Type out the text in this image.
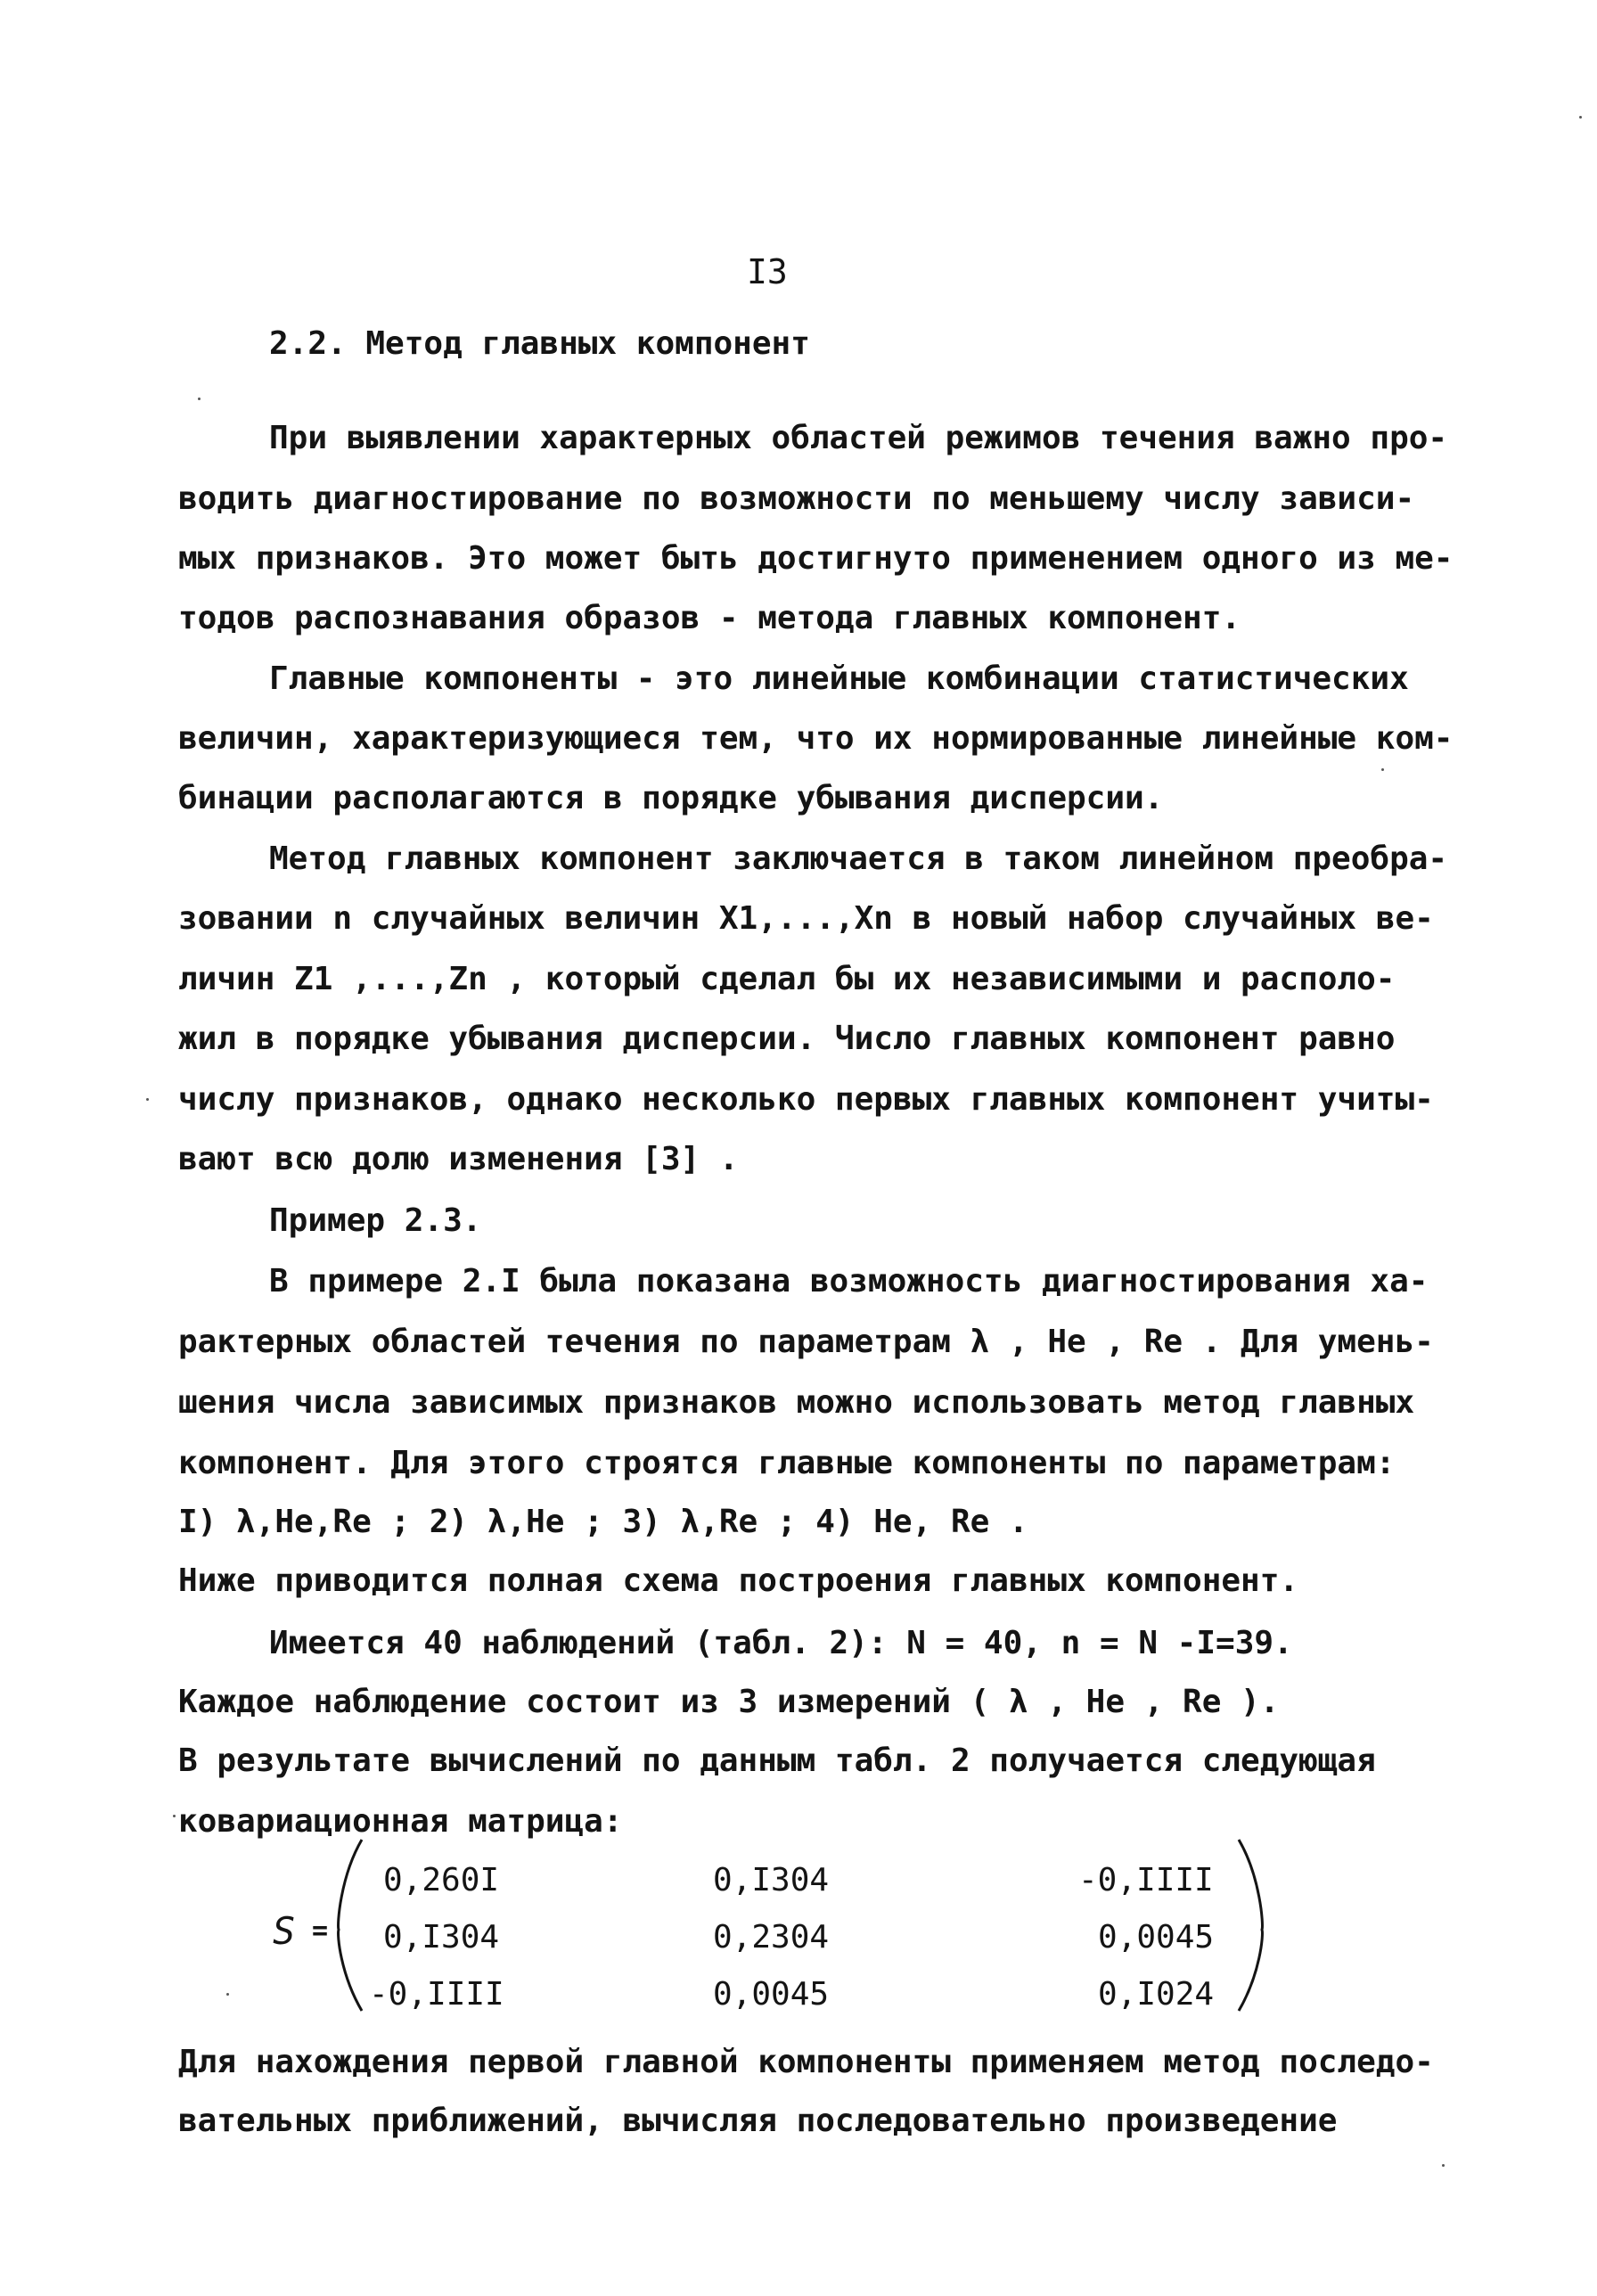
I3
2.2. Метод главных компонент
При выявлении характерных областей режимов течения важно про-
водить диагностирование по возможности по меньшему числу зависи-
мых признаков. Это может быть достигнуто применением одного из ме-
тодов распознавания образов - метода главных компонент.
Главные компоненты - это линейные комбинации статистических
величин, характеризующиеся тем, что их нормированные линейные ком-
бинации располагаются в порядке убывания дисперсии.
Метод главных компонент заключается в таком линейном преобра-
зовании n случайных величин X1,...,Xn в новый набор случайных ве-
личин Z1 ,...,Zn , который сделал бы их независимыми и располо-
жил в порядке убывания дисперсии. Число главных компонент равно
числу признаков, однако несколько первых главных компонент учиты-
вают всю долю изменения [3] .
Пример 2.3.
В примере 2.I была показана возможность диагностирования ха-
рактерных областей течения по параметрам λ , He , Re . Для умень-
шения числа зависимых признаков можно использовать метод главных
компонент. Для этого строятся главные компоненты по параметрам:
I) λ,He,Re ; 2) λ,He ; 3) λ,Re ; 4) He, Re .
Ниже приводится полная схема построения главных компонент.
Имеется 40 наблюдений (табл. 2): N = 40, n = N -I=39.
Каждое наблюдение состоит из 3 измерений ( λ , He , Re ).
В результате вычислений по данным табл. 2 получается следующая
ковариационная матрица:
S =
0,260I	0,I304	-0,IIII
0,I304	0,2304	0,0045
-0,IIII	0,0045	0,I024
Для нахождения первой главной компоненты применяем метод последо-
вательных приближений, вычисляя последовательно произведение
